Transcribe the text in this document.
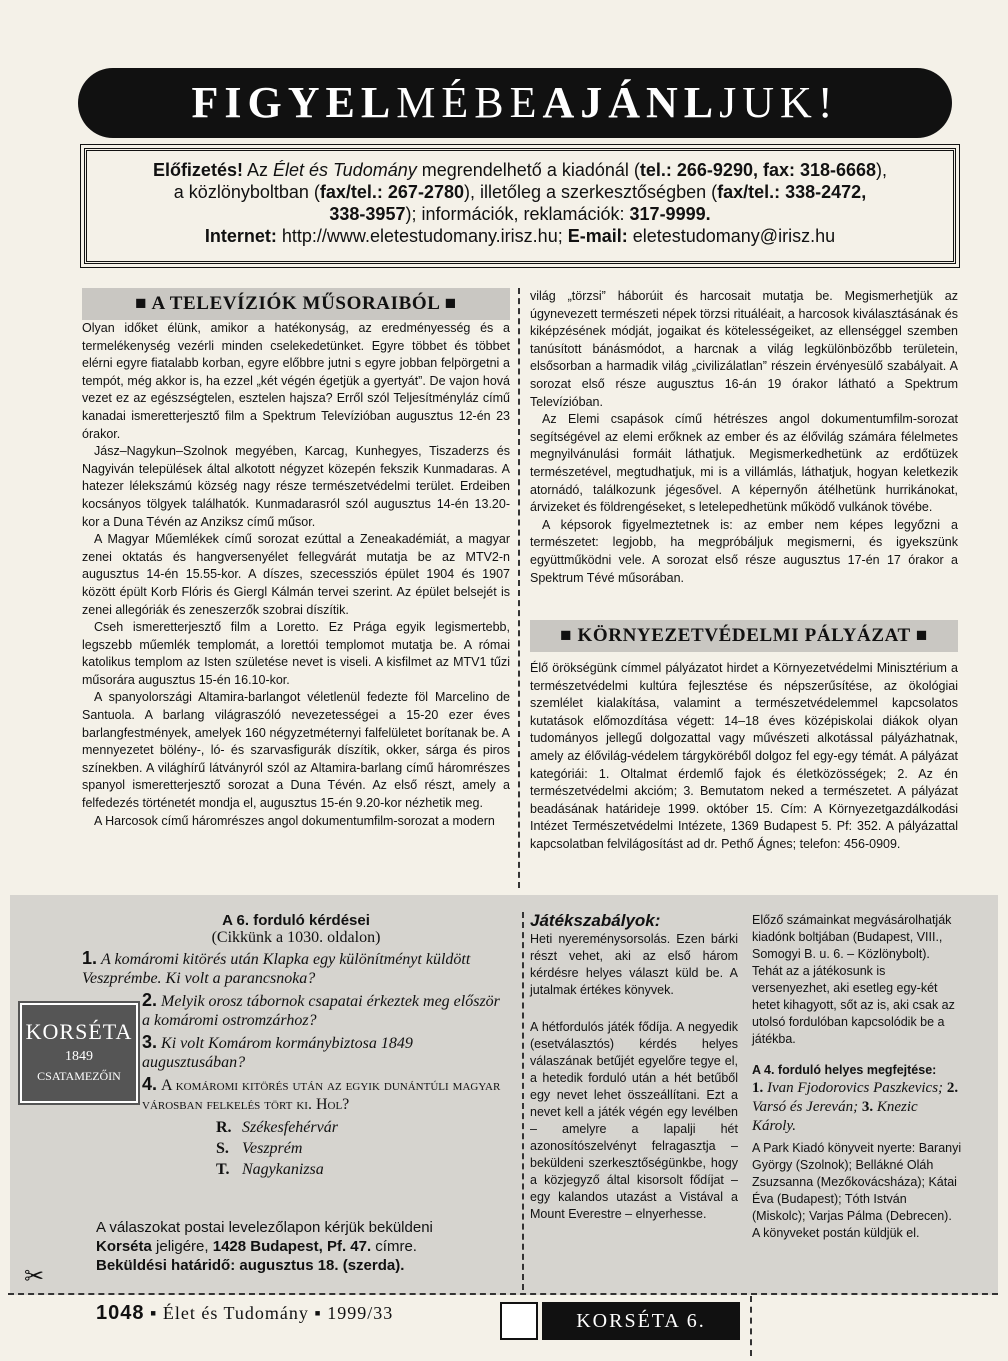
FIGYEL MÉBE AJÁNL JUK!
Előfizetés! Az Élet és Tudomány megrendelhető a kiadónál (tel.: 266-9290, fax: 318-6668),
a közlönyboltban (fax/tel.: 267-2780), illetőleg a szerkesztőségben (fax/tel.: 338-2472,
338-3957); információk, reklamációk: 317-9999.
Internet: http://www.eletestudomany.irisz.hu; E-mail: eletestudomany@irisz.hu
■ A TELEVÍZIÓK MŰSORAIBÓL ■

Olyan időket élünk, amikor a hatékonyság, az eredményesség és a termelékenység vezérli minden cselekedetünket. Egyre többet és többet elérni egyre fiatalabb korban, egyre előbbre jutni s egyre jobban felpörgetni a tempót, még akkor is, ha ezzel „két végén égetjük a gyertyát”. De vajon hová vezet ez az egészségtelen, esztelen hajsza? Erről szól Teljesítményláz című kanadai ismeretterjesztő film a Spektrum Televízióban augusztus 12-én 23 órakor.

Jász–Nagykun–Szolnok megyében, Karcag, Kunhegyes, Tiszaderzs és Nagyiván települések által alkotott négyzet közepén fekszik Kunmadaras. A hatezer lélekszámú község nagy része természetvédelmi terület. Erdeiben kocsányos tölgyek találhatók. Kunmadarasról szól augusztus 14-én 13.20-kor a Duna Tévén az Anziksz című műsor.

A Magyar Műemlékek című sorozat ezúttal a Zeneakadémiát, a magyar zenei oktatás és hangversenyélet fellegvárát mutatja be az MTV2-n augusztus 14-én 15.55-kor. A díszes, szecessziós épület 1904 és 1907 között épült Korb Flóris és Giergl Kálmán tervei szerint. Az épület belsejét is zenei allegóriák és zeneszerzők szobrai díszítik.

Cseh ismeretterjesztő film a Loretto. Ez Prága egyik legismertebb, legszebb műemlék templomát, a lorettói templomot mutatja be. A római katolikus templom az Isten születése nevet is viseli. A kisfilmet az MTV1 tűzi műsorára augusztus 15-én 16.10-kor.

A spanyolországi Altamira-barlangot véletlenül fedezte föl Marcelino de Santuola. A barlang világraszóló nevezetességei a 15-20 ezer éves barlangfestmények, amelyek 160 négyzetméternyi falfelületet borítanak be. A mennyezetet bölény-, ló- és szarvasfigurák díszítik, okker, sárga és piros színekben. A világhírű látványról szól az Altamira-barlang című háromrészes spanyol ismeretterjesztő sorozat a Duna Tévén. Az első részt, amely a felfedezés történetét mondja el, augusztus 15-én 9.20-kor nézhetik meg.

A Harcosok című háromrészes angol dokumentumfilm-sorozat a modern

világ „törzsi” háborúit és harcosait mutatja be. Megismerhetjük az úgynevezett természeti népek törzsi rituáléait, a harcosok kiválasztásának és kiképzésének módját, jogaikat és kötelességeiket, az ellenséggel szemben tanúsított bánásmódot, a harcnak a világ legkülönbözőbb területein, elsősorban a harmadik világ „civilizálatlan” részein érvényesülő szabályait. A sorozat első része augusztus 16-án 19 órakor látható a Spektrum Televízióban.

Az Elemi csapások című hétrészes angol dokumentumfilm-sorozat segítségével az elemi erőknek az ember és az élővilág számára félelmetes megnyilvánulási formáit láthatjuk. Megismerkedhetünk az erdőtüzek természetével, megtudhatjuk, mi is a villámlás, láthatjuk, hogyan keletkezik atornádó, találkozunk jégesővel. A képernyőn átélhetünk hurrikánokat, árvizeket és földrengéseket, s letelepedhetünk működő vulkánok tövébe.

A képsorok figyelmeztetnek is: az ember nem képes legyőzni a természetet: legjobb, ha megpróbáljuk megismerni, és igyekszünk együttműködni vele. A sorozat első része augusztus 17-én 17 órakor a Spektrum Tévé műsorában.

■ KÖRNYEZETVÉDELMI PÁLYÁZAT ■

Élő örökségünk címmel pályázatot hirdet a Környezetvédelmi Minisztérium a természetvédelmi kultúra fejlesztése és népszerűsítése, az ökológiai szemlélet kialakítása, valamint a természetvédelemmel kapcsolatos kutatások előmozdítása végett: 14–18 éves középiskolai diákok olyan tudományos jellegű dolgozattal vagy művészeti alkotással pályázhatnak, amely az élővilág-védelem tárgyköréből dolgoz fel egy-egy témát. A pályázat kategóriái: 1. Oltalmat érdemlő fajok és életközösségek; 2. Az én természetvédelmi akcióm; 3. Bemutatom neked a természetet. A pályázat beadásának határideje 1999. október 15. Cím: A Környezetgazdálkodási Intézet Természetvédelmi Intézete, 1369 Budapest 5. Pf: 352. A pályázattal kapcsolatban felvilágosítást ad dr. Pethő Ágnes; telefon: 456-0909.

KORSÉTA
1849
CSATAMEZŐIN
A 6. forduló kérdései
(Cikkünk a 1030. oldalon)
1. A komáromi kitörés után Klapka egy különítményt küldött Veszprémbe. Ki volt a parancsnoka?
2. Melyik orosz tábornok csapatai érkeztek meg először a komáromi ostromzárhoz?
3. Ki volt Komárom kormánybiztosa 1849 augusztusában?
4. A komáromi kitörés után az egyik dunántúli magyar városban felkelés tört ki. Hol?
R. Székesfehérvár
S. Veszprém
T. Nagykanizsa
A válaszokat postai levelezőlapon kérjük beküldeni
Korséta jeligére, 1428 Budapest, Pf. 47. címre.
Beküldési határidő: augusztus 18. (szerda).
✂
Játékszabályok:

Heti nyereménysorsolás. Ezen bárki részt vehet, aki az első három kérdésre helyes választ küld be. A jutalmak értékes könyvek.

A hétfordulós játék fődíja. A negyedik (esetválasztós) kérdés helyes válaszának betűjét egyelőre tegye el, a hetedik forduló után a hét betűből egy nevet lehet összeállítani. Ezt a nevet kell a játék végén egy levélben – amelyre a lapalji hét azonosítószelvényt felragasztja – beküldeni szerkesztőségünkbe, hogy a közjegyző által kisorsolt fődíjat – egy kalandos utazást a Vistával a Mount Everestre – elnyerhesse.

Előző számainkat megvásárolhatják kiadónk boltjában (Budapest, VIII., Somogyi B. u. 6. – Közlönybolt). Tehát az a játékosunk is versenyezhet, aki esetleg egy-két hetet kihagyott, sőt az is, aki csak az utolsó fordulóban kapcsolódik be a játékba.

A 4. forduló helyes megfejtése:
1. Ivan Fjodorovics Paszkevics; 2. Varsó és Jereván; 3. Knezic Károly.

A Park Kiadó könyveit nyerte: Baranyi György (Szolnok); Bellákné Oláh Zsuzsanna (Mezőkovácsháza); Kátai Éva (Budapest); Tóth István (Miskolc); Varjas Pálma (Debrecen). A könyveket postán küldjük el.

1048 ▪ Élet és Tudomány ▪ 1999/33	KORSÉTA 6.
